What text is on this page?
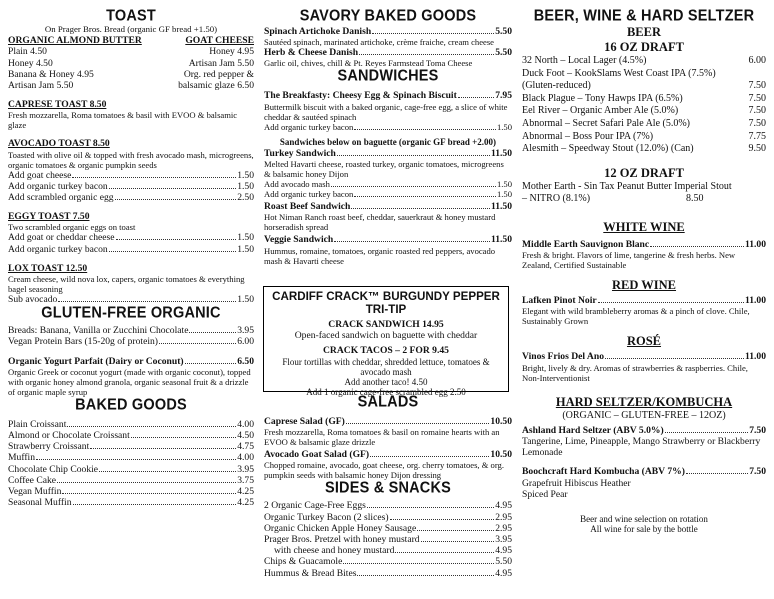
TOAST
On Prager Bros. Bread (organic GF bread +1.50)
ORGANIC ALMOND BUTTER	GOAT CHEESE
Plain 4.50	Honey 4.95
Honey 4.50	Artisan Jam 5.50
Banana & Honey 4.95	Org. red pepper &
Artisan Jam 5.50	balsamic glaze 6.50
CAPRESE TOAST 8.50
Fresh mozzarella, Roma tomatoes & basil with EVOO & balsamic glaze
AVOCADO TOAST 8.50
Toasted with olive oil & topped with fresh avocado mash, microgreens, organic tomatoes & organic pumpkin seeds
Add goat cheese	1.50
Add organic turkey bacon	1.50
Add scrambled organic egg	2.50
EGGY TOAST 7.50
Two scrambled organic eggs on toast
Add goat or cheddar cheese	1.50
Add organic turkey bacon	1.50
LOX TOAST 12.50
Cream cheese, wild nova lox, capers, organic tomatoes & everything bagel seasoning
Sub avocado	1.50
GLUTEN-FREE ORGANIC
Breads: Banana, Vanilla or Zucchini Chocolate	3.95
Vegan Protein Bars (15-20g of protein)	6.00
Organic Yogurt Parfait (Dairy or Coconut)	6.50
Organic Greek or coconut yogurt (made with organic coconut), topped with organic honey almond granola, organic seasonal fruit & a drizzle of organic maple syrup
BAKED GOODS
Plain Croissant	4.00
Almond or Chocolate Croissant	4.50
Strawberry Croissant	4.75
Muffin	4.00
Chocolate Chip Cookie	3.95
Coffee Cake	3.75
Vegan Muffin	4.25
Seasonal Muffin	4.25
SAVORY BAKED GOODS
Spinach Artichoke Danish	5.50
Sautéed spinach, marinated artichoke, crème fraiche, cream cheese
Herb & Cheese Danish	5.50
Garlic oil, chives, chill & Pt. Reyes Farmstead Toma Cheese
SANDWICHES
The Breakfasty: Cheesy Egg & Spinach Biscuit	7.95
Buttermilk biscuit with a baked organic, cage-free egg, a slice of white cheddar & sautéed spinach
Add organic turkey bacon	1.50
Sandwiches below on baguette (organic GF bread +2.00)
Turkey Sandwich	11.50
Melted Havarti cheese, roasted turkey, organic tomatoes, microgreens & balsamic honey Dijon
Add avocado mash	1.50
Add organic turkey bacon	1.50
Roast Beef Sandwich	11.50
Hot Niman Ranch roast beef, cheddar, sauerkraut & honey mustard horseradish spread
Veggie Sandwich	11.50
Hummus, romaine, tomatoes, organic roasted red peppers, avocado mash & Havarti cheese
CARDIFF CRACK™ BURGUNDY PEPPER TRI-TIP
CRACK SANDWICH 14.95
Open-faced sandwich on baguette with cheddar
CRACK TACOS – 2 FOR 9.45
Flour tortillas with cheddar, shredded lettuce, tomatoes & avocado mash
Add another taco! 4.50
Add 1 organic cage-free scrambled egg 2.50
SALADS
Caprese Salad (GF)	10.50
Fresh mozzarella, Roma tomatoes & basil on romaine hearts with an EVOO & balsamic glaze drizzle
Avocado Goat Salad (GF)	10.50
Chopped romaine, avocado, goat cheese, org. cherry tomatoes, & org. pumpkin seeds with balsamic honey Dijon dressing
SIDES & SNACKS
2 Organic Cage-Free Eggs	4.95
Organic Turkey Bacon (2 slices)	2.95
Organic Chicken Apple Honey Sausage	2.95
Prager Bros. Pretzel with honey mustard	3.95
with cheese and honey mustard	4.95
Chips & Guacamole	5.50
Hummus & Bread Bites	4.95
BEER, WINE & HARD SELTZER
BEER
16 OZ DRAFT
32 North – Local Lager (4.5%)	6.00
Duck Foot – KookSlams West Coast IPA (7.5%)
(Gluten-reduced)	7.50
Black Plague – Tony Hawps IPA (6.5%)	7.50
Eel River – Organic Amber Ale (5.0%)	7.50
Abnormal – Secret Safari Pale Ale (5.0%)	7.50
Abnormal – Boss Pour IPA (7%)	7.75
Alesmith – Speedway Stout (12.0%) (Can)	9.50
12 OZ DRAFT
Mother Earth - Sin Tax Peanut Butter Imperial Stout
– NITRO (8.1%)	8.50
WHITE WINE
Middle Earth Sauvignon Blanc	11.00
Fresh & bright. Flavors of lime, tangerine & fresh herbs. New Zealand, Certified Sustainable
RED WINE
Lafken Pinot Noir	11.00
Elegant with wild brambleberry aromas & a pinch of clove. Chile, Sustainably Grown
ROSÉ
Vinos Frios Del Ano	11.00
Bright, lively & dry. Aromas of strawberries & raspberries. Chile, Non-Interventionist
HARD SELTZER/KOMBUCHA
(ORGANIC – GLUTEN-FREE – 12OZ)
Ashland Hard Seltzer (ABV 5.0%)	7.50
Tangerine, Lime, Pineapple, Mango Strawberry or Blackberry Lemonade
Boochcraft Hard Kombucha (ABV 7%)	7.50
Grapefruit Hibiscus Heather
Spiced Pear
Beer and wine selection on rotation
All wine for sale by the bottle
